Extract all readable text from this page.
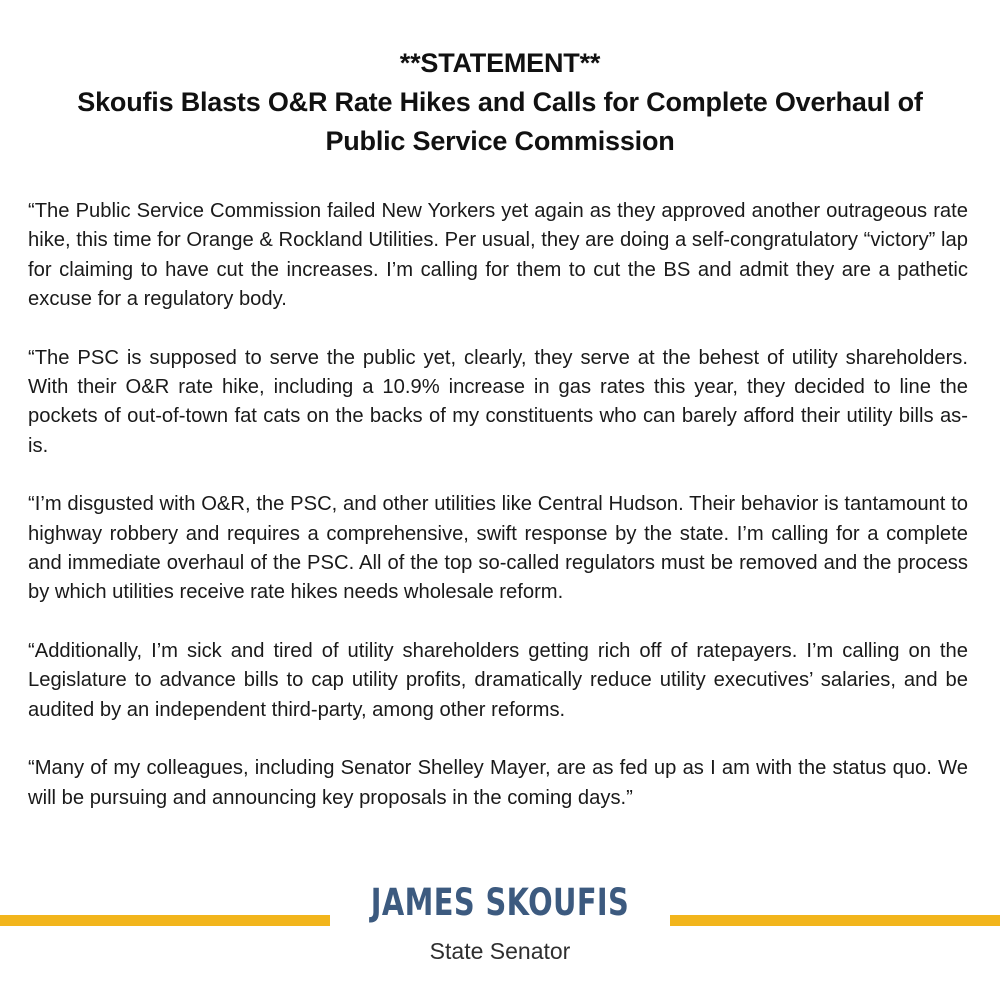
**STATEMENT**
Skoufis Blasts O&R Rate Hikes and Calls for Complete Overhaul of
Public Service Commission

“The Public Service Commission failed New Yorkers yet again as they approved another outrageous rate hike, this time for Orange & Rockland Utilities. Per usual, they are doing a self-congratulatory “victory” lap for claiming to have cut the increases. I’m calling for them to cut the BS and admit they are a pathetic excuse for a regulatory body.

“The PSC is supposed to serve the public yet, clearly, they serve at the behest of utility shareholders. With their O&R rate hike, including a 10.9% increase in gas rates this year, they decided to line the pockets of out-of-town fat cats on the backs of my constituents who can barely afford their utility bills as-is.

“I’m disgusted with O&R, the PSC, and other utilities like Central Hudson. Their behavior is tantamount to highway robbery and requires a comprehensive, swift response by the state. I’m calling for a complete and immediate overhaul of the PSC. All of the top so-called regulators must be removed and the process by which utilities receive rate hikes needs wholesale reform.

“Additionally, I’m sick and tired of utility shareholders getting rich off of ratepayers. I’m calling on the Legislature to advance bills to cap utility profits, dramatically reduce utility executives’ salaries, and be audited by an independent third-party, among other reforms.

“Many of my colleagues, including Senator Shelley Mayer, are as fed up as I am with the status quo. We will be pursuing and announcing key proposals in the coming days.”

JAMES SKOUFIS
State Senator
